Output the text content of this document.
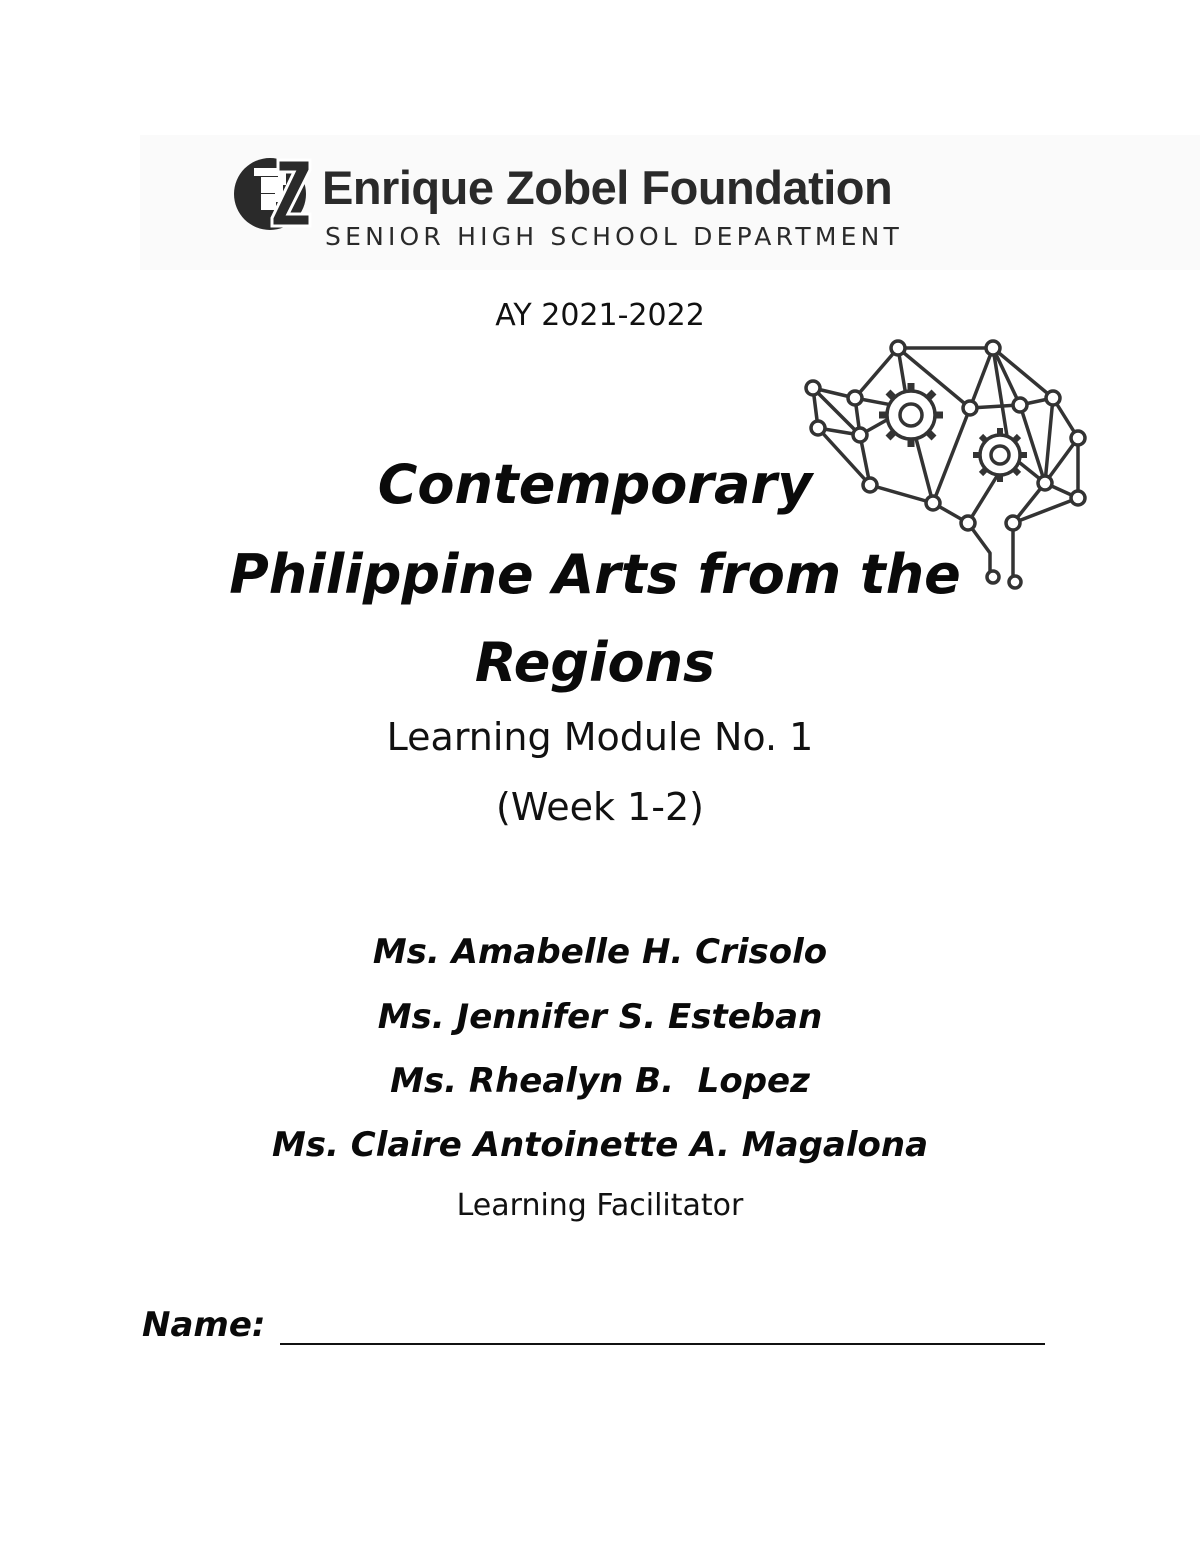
Enrique Zobel Foundation
SENIOR HIGH SCHOOL DEPARTMENT
AY 2021-2022
Contemporary
Philippine Arts from the
Regions
Learning Module No. 1
(Week 1-2)
Ms. Amabelle H. Crisolo
Ms. Jennifer S. Esteban
Ms. Rhealyn B.  Lopez
Ms. Claire Antoinette A. Magalona
Learning Facilitator
Name:
